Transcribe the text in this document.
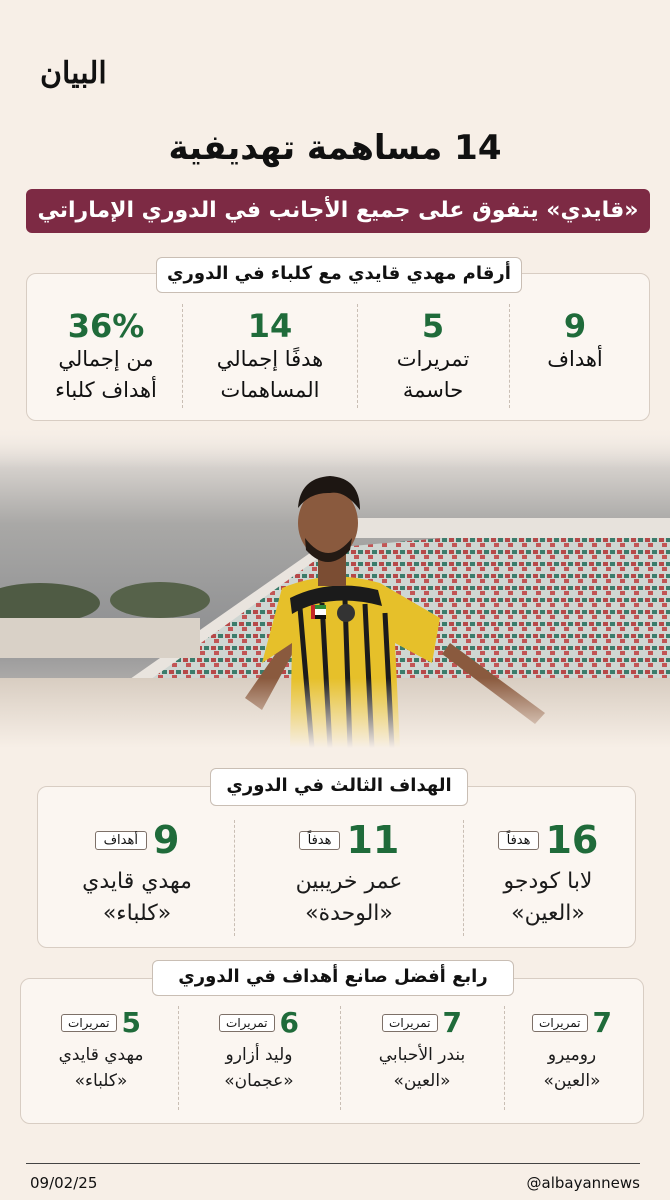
البيان
14 مساهمة تهديفية
«قايدي» يتفوق على جميع الأجانب في الدوري الإماراتي
أرقام مهدي قايدي مع كلباء في الدوري
9
أهداف
5
تمريرات
حاسمة
14
هدفًا إجمالي
المساهمات
36%
من إجمالي
أهداف كلباء
الهداف الثالث في الدوري
16
هدفاً
لابا كودجو
«العين»
11
هدفاً
عمر خريبين
«الوحدة»
9
أهداف
مهدي قايدي
«كلباء»
رابع أفضل صانع أهداف في الدوري
7
تمريرات
روميرو
«العين»
7
تمريرات
بندر الأحبابي
«العين»
6
تمريرات
وليد أزارو
«عجمان»
5
تمريرات
مهدي قايدي
«كلباء»
09/02/25	@albayannews
